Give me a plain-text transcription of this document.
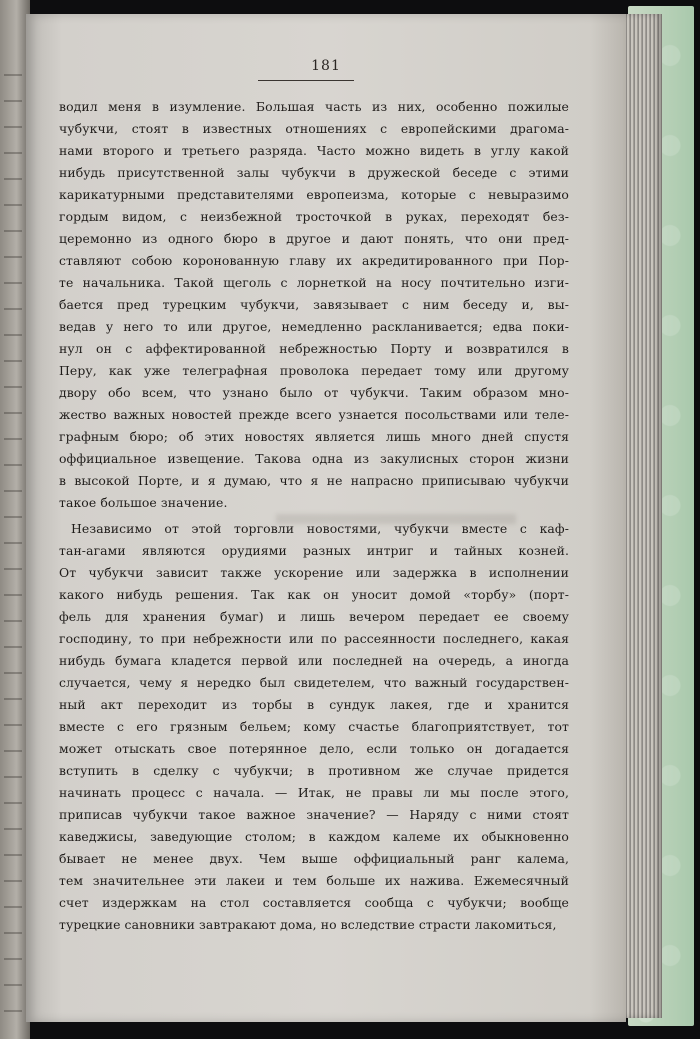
181
водил меня в изумление. Большая часть из них, особенно пожилые
чубукчи, стоят в известных отношениях с европейскими драгома-
нами второго и третьего разряда. Часто можно видеть в углу какой
нибудь присутственной залы чубукчи в дружеской беседе с этими
карикатурными представителями европеизма, которые с невыразимо
гордым видом, с неизбежной тросточкой в руках, переходят без-
церемонно из одного бюро в другое и дают понять, что они пред-
ставляют собою коронованную главу их акредитированного при Пор-
те начальника. Такой щеголь с лорнеткой на носу почтительно изги-
бается пред турецким чубукчи, завязывает с ним беседу и, вы-
ведав у него то или другое, немедленно раскланивается; едва поки-
нул он с аффектированной небрежностью Порту и возвратился в
Перу, как уже телеграфная проволока передает тому или другому
двору обо всем, что узнано было от чубукчи. Таким образом мно-
жество важных новостей прежде всего узнается посольствами или теле-
графным бюро; об этих новостях является лишь много дней спустя
оффициальное извещение. Такова одна из закулисных сторон жизни
в высокой Порте, и я думаю, что я не напрасно приписываю чубукчи
такое большое значение.
Независимо от этой торговли новостями, чубукчи вместе с каф-
тан-агами являются орудиями разных интриг и тайных козней.
От чубукчи зависит также ускорение или задержка в исполнении
какого нибудь решения. Так как он уносит домой «торбу» (порт-
фель для хранения бумаг) и лишь вечером передает ее своему
господину, то при небрежности или по рассеянности последнего, какая
нибудь бумага кладется первой или последней на очередь, а иногда
случается, чему я нередко был свидетелем, что важный государствен-
ный акт переходит из торбы в сундук лакея, где и хранится
вместе с его грязным бельем; кому счастье благоприятствует, тот
может отыскать свое потерянное дело, если только он догадается
вступить в сделку с чубукчи; в противном же случае придется
начинать процесс с начала. — Итак, не правы ли мы после этого,
приписав чубукчи такое важное значение? — Наряду с ними стоят
каведжисы, заведующие столом; в каждом калеме их обыкновенно
бывает не менее двух. Чем выше оффициальный ранг калема,
тем значительнее эти лакеи и тем больше их нажива. Ежемесячный
счет издержкам на стол составляется сообща с чубукчи; вообще
турецкие сановники завтракают дома, но вследствие страсти лакомиться,
